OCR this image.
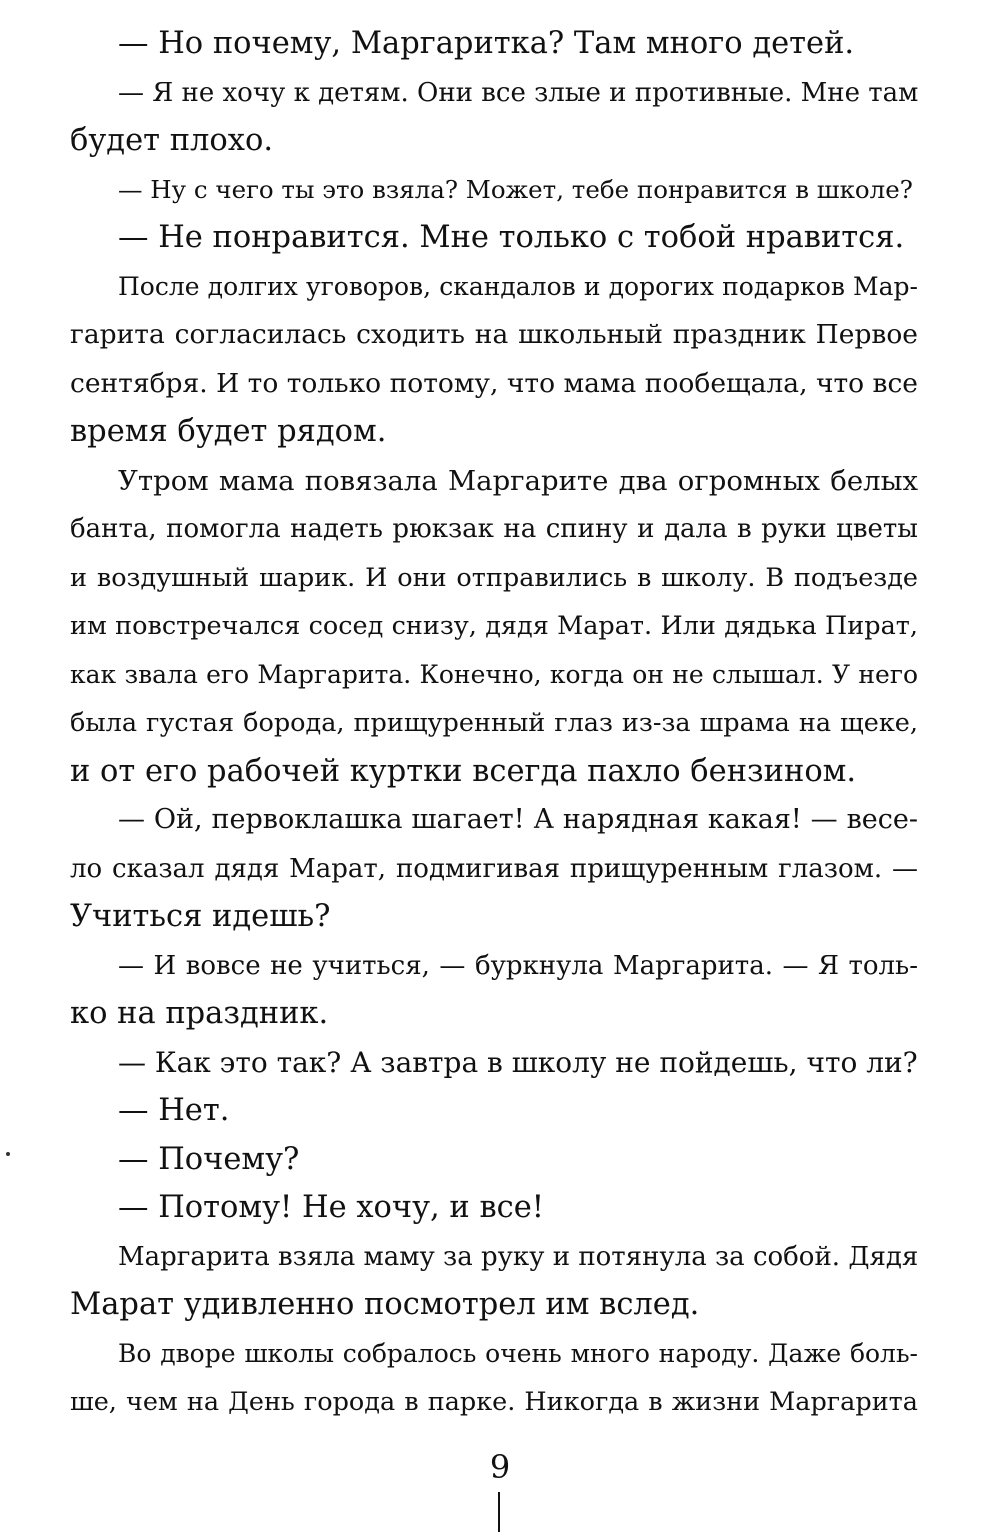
— Но почему, Маргаритка? Там много детей.
— Я не хочу к детям. Они все злые и противные. Мне там
будет плохо.
— Ну с чего ты это взяла? Может, тебе понравится в школе?
— Не понравится. Мне только с тобой нравится.
После долгих уговоров, скандалов и дорогих подарков Мар-
гарита согласилась сходить на школьный праздник Первое
сентября. И то только потому, что мама пообещала, что все
время будет рядом.
Утром мама повязала Маргарите два огромных белых
банта, помогла надеть рюкзак на спину и дала в руки цветы
и воздушный шарик. И они отправились в школу. В подъезде
им повстречался сосед снизу, дядя Марат. Или дядька Пират,
как звала его Маргарита. Конечно, когда он не слышал. У него
была густая борода, прищуренный глаз из-за шрама на щеке,
и от его рабочей куртки всегда пахло бензином.
— Ой, первоклашка шагает! А нарядная какая! — весе-
ло сказал дядя Марат, подмигивая прищуренным глазом. —
Учиться идешь?
— И вовсе не учиться, — буркнула Маргарита. — Я толь-
ко на праздник.
— Как это так? А завтра в школу не пойдешь, что ли?
— Нет.
— Почему?
— Потому! Не хочу, и все!
Маргарита взяла маму за руку и потянула за собой. Дядя
Марат удивленно посмотрел им вслед.
Во дворе школы собралось очень много народу. Даже боль-
ше, чем на День города в парке. Никогда в жизни Маргарита
9
